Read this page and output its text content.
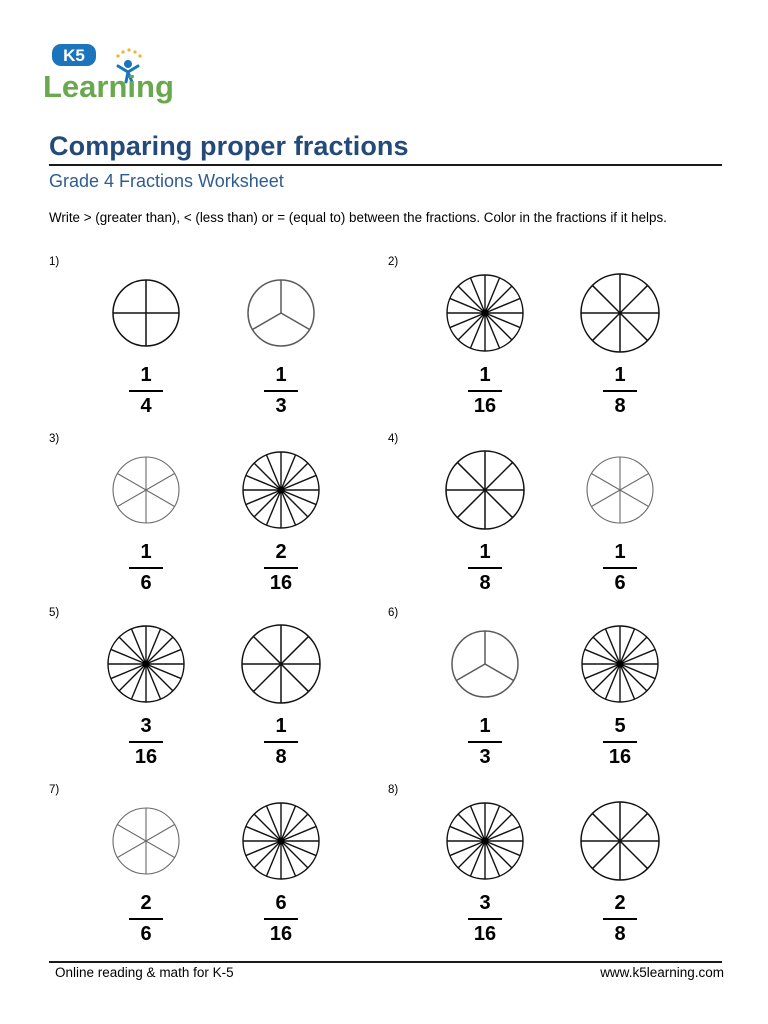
K5
Learning
Comparing proper fractions
Grade 4 Fractions Worksheet
Write > (greater than), < (less than) or = (equal to) between the fractions. Color in the fractions if it helps.
1)
1
4
1
3
2)
1
16
1
8
3)
1
6
2
16
4)
1
8
1
6
5)
3
16
1
8
6)
1
3
5
16
7)
2
6
6
16
8)
3
16
2
8
Online reading & math for K-5	www.k5learning.com
